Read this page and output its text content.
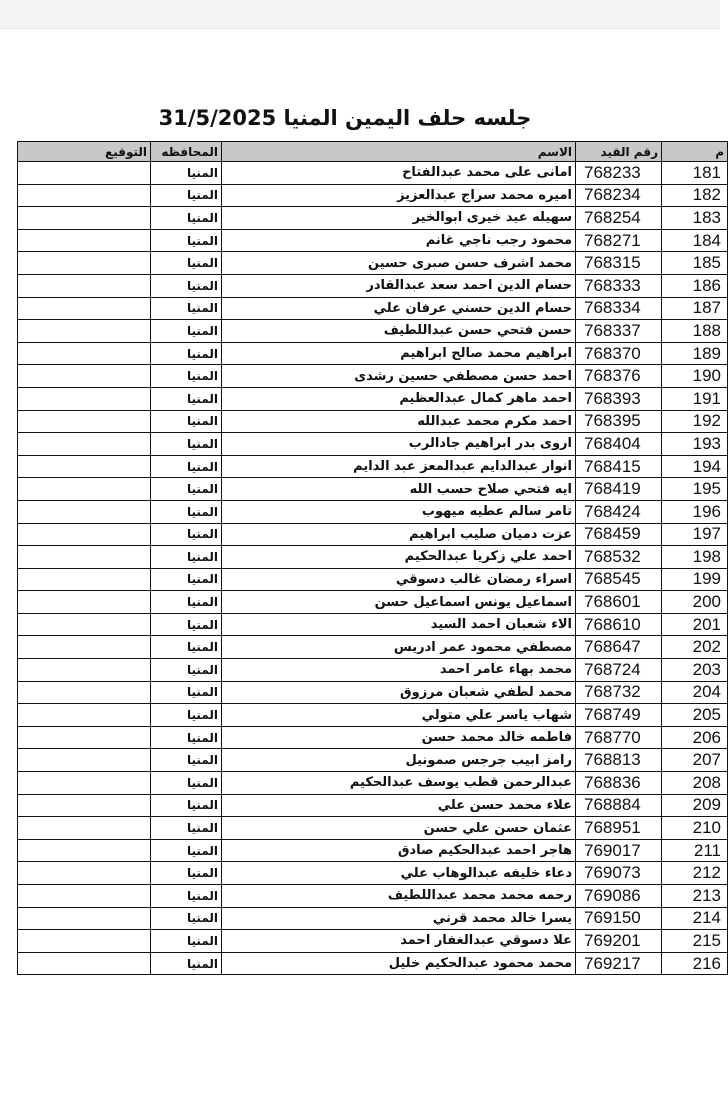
جلسه حلف اليمين المنيا 31/5/2025
م	رقم القيد	الاسم	المحافظه	التوقيع
181	768233	امانى على محمد عبدالفتاح	المنيا	
182	768234	اميره محمد سراج عبدالعزيز	المنيا	
183	768254	سهيله عيد خيرى ابوالخير	المنيا	
184	768271	محمود رجب ناجي غانم	المنيا	
185	768315	محمد اشرف حسن صبرى حسين	المنيا	
186	768333	حسام الدين احمد سعد عبدالقادر	المنيا	
187	768334	حسام الدين حسني عرفان علي	المنيا	
188	768337	حسن فتحي حسن عبداللطيف	المنيا	
189	768370	ابراهيم محمد صالح ابراهيم	المنيا	
190	768376	احمد حسن مصطفي حسين رشدى	المنيا	
191	768393	احمد ماهر كمال عبدالعظيم	المنيا	
192	768395	احمد مكرم محمد عبدالله	المنيا	
193	768404	اروى بدر ابراهيم جادالرب	المنيا	
194	768415	انوار عبدالدايم عبدالمعز عبد الدايم	المنيا	
195	768419	ايه فتحي صلاح حسب الله	المنيا	
196	768424	تامر سالم عطيه ميهوب	المنيا	
197	768459	عزت دميان صليب ابراهيم	المنيا	
198	768532	احمد علي زكريا عبدالحكيم	المنيا	
199	768545	اسراء رمضان غالب دسوقي	المنيا	
200	768601	اسماعيل يونس اسماعيل حسن	المنيا	
201	768610	الاء شعبان احمد السيد	المنيا	
202	768647	مصطفي محمود عمر ادريس	المنيا	
203	768724	محمد بهاء عامر احمد	المنيا	
204	768732	محمد لطفي شعبان مرزوق	المنيا	
205	768749	شهاب ياسر علي متولي	المنيا	
206	768770	فاطمه خالد محمد حسن	المنيا	
207	768813	رامز ابيب جرجس صمونيل	المنيا	
208	768836	عبدالرحمن قطب يوسف عبدالحكيم	المنيا	
209	768884	علاء محمد حسن علي	المنيا	
210	768951	عثمان حسن علي حسن	المنيا	
211	769017	هاجر احمد عبدالحكيم صادق	المنيا	
212	769073	دعاء خليفه عبدالوهاب علي	المنيا	
213	769086	رحمه محمد محمد عبداللطيف	المنيا	
214	769150	يسرا خالد محمد قرني	المنيا	
215	769201	علا دسوقي عبدالغفار احمد	المنيا	
216	769217	محمد محمود عبدالحكيم خليل	المنيا	
